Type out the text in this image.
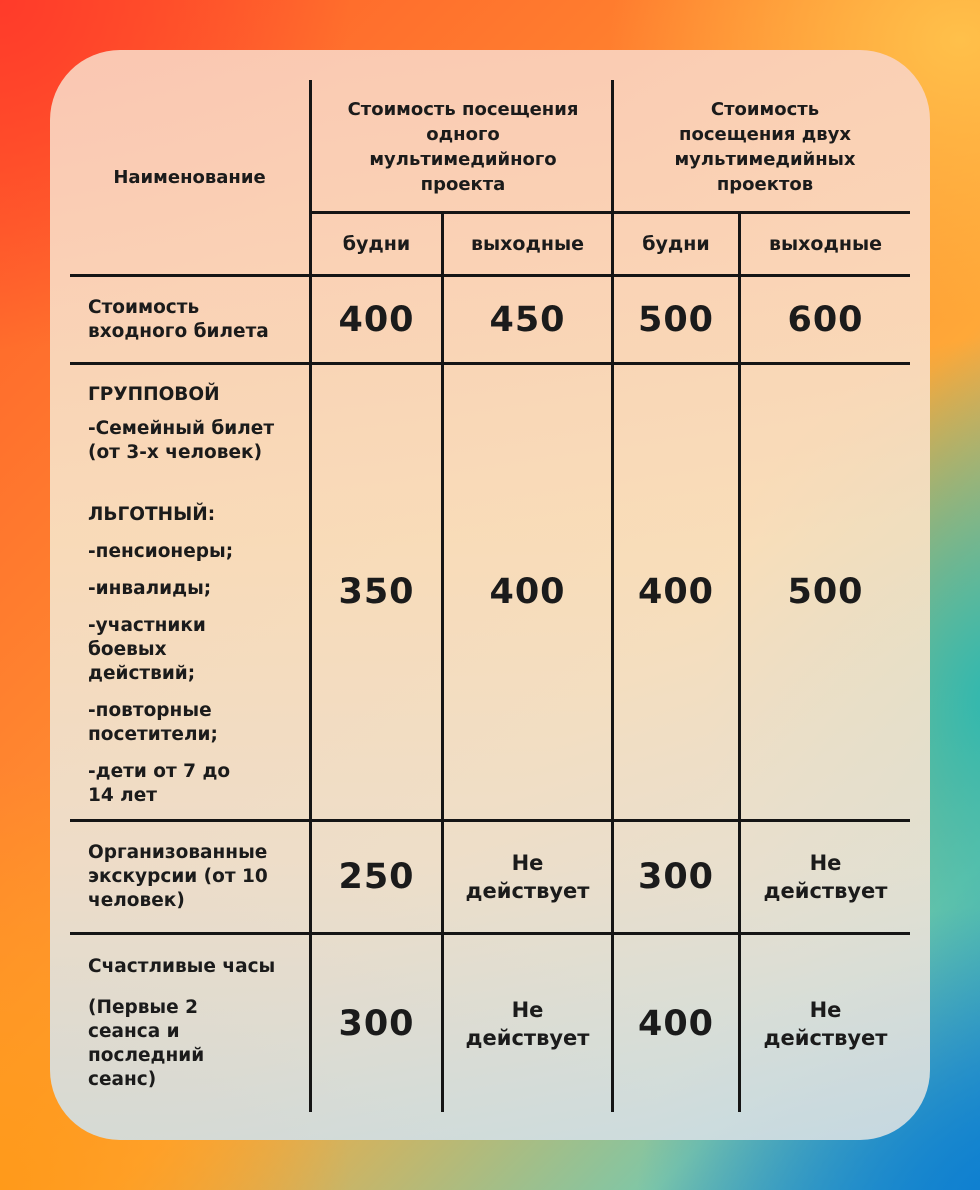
Наименование
Стоимость посещения одного мультимедийного проекта
Стоимость посещения двух мультимедийных проектов
будни	выходные	будни	выходные
Стоимость входного билета	400	450	500	600

ГРУППОВОЙ

-Семейный билет (от 3-х человек)

ЛЬГОТНЫЙ:

-пенсионеры;

-инвалиды;

-участники боевых действий;

-повторные посетители;

-дети от 7 до 14 лет

350	400	400	500
Организованные экскурсии (от 10 человек)
250	Не действует	300	Не действует

Счастливые часы

(Первые 2 сеанса и последний сеанс)

300	Не действует	400	Не действует
